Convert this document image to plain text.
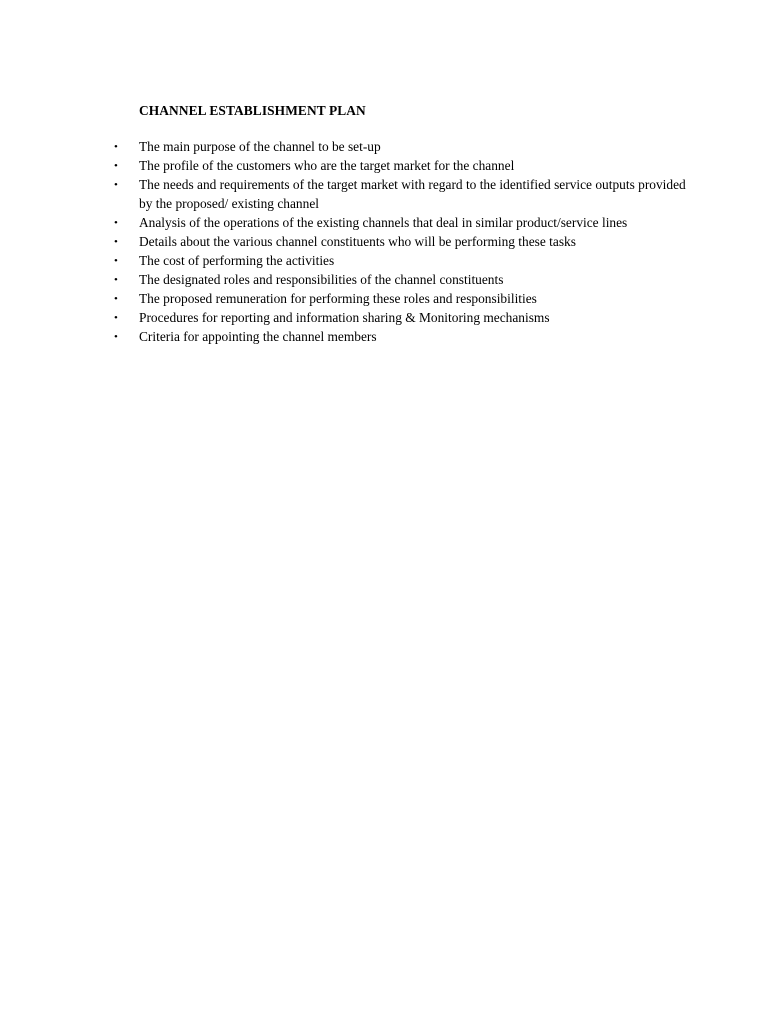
CHANNEL ESTABLISHMENT PLAN
• The main purpose of the channel to be set-up
• The profile of the customers who are the target market for the channel
• The needs and requirements of the target market with regard to the identified service outputs provided by the proposed/ existing channel
• Analysis of the operations of the existing channels that deal in similar product/service lines
• Details about the various channel constituents who will be performing these tasks
• The cost of performing the activities
• The designated roles and responsibilities of the channel constituents
• The proposed remuneration for performing these roles and responsibilities
• Procedures for reporting and information sharing & Monitoring mechanisms
• Criteria for appointing the channel members
